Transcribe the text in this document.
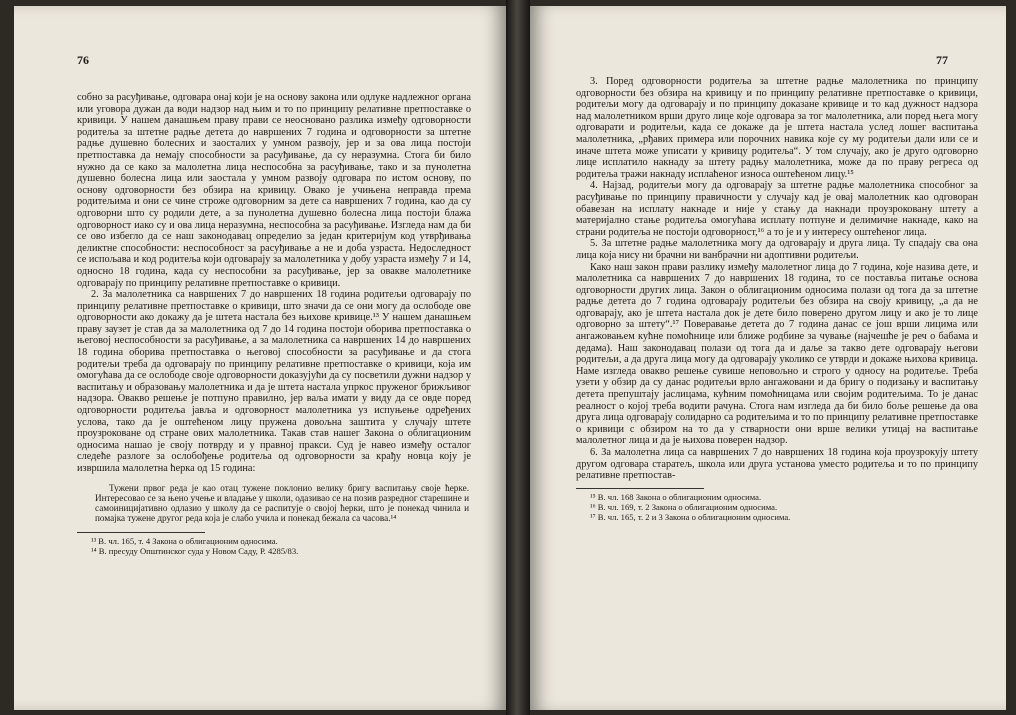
76

собно за расуђивање, одговара онај који је на основу закона или одлуке надлежног органа или уговора дужан да води надзор над њим и то по принципу релативне претпоставке о кривици. У нашем данашњем праву прави се неосновано разлика између одговорности родитеља за штетне радње детета до навршених 7 година и одговорности за штетне радње душевно болесних и заосталих у умном развоју, јер и за ова лица постоји претпоставка да немају способности за расуђивање, да су неразумна. Стога би било нужно да се како за малолетна лица неспособна за расуђивање, тако и за пунолетна душевно болесна лица или заостала у умном развоју одговара по истом основу, по основу одговорности без обзира на кривицу. Овако је учињена неправда према родитељима и они се чине строже одговорним за дете са навршених 7 година, као да су одговорни што су родили дете, а за пунолетна душевно болесна лица постоји блажа одговорност иако су и ова лица неразумна, неспособна за расуђивање. Изгледа нам да би се ово избегло да се наш законодавац определио за један критеријум код утврђивања деликтне способности: неспособност за расуђивање а не и доба узраста. Недоследност се испољава и код родитеља који одговарају за малолетника у добу узраста између 7 и 14, односно 18 година, када су неспособни за расуђивање, јер за овакве малолетнике одговарају по принципу релативне претпоставке о кривици.

2. За малолетника са навршених 7 до навршених 18 година родитељи одговарају по принципу релативне претпоставке о кривици, што значи да се они могу да ослободе ове одговорности ако докажу да је штета настала без њихове кривице.¹³ У нашем данашњем праву заузет је став да за малолетника од 7 до 14 година постоји оборива претпоставка о његовој неспособности за расуђивање, а за малолетника са навршених 14 до навршених 18 година оборива претпоставка о његовој способности за расуђивање и да стога родитељи треба да одговарају по принципу релативне претпоставке о кривици, која им омогућава да се ослободе своје одговорности доказујући да су посветили дужни надзор у васпитању и образовању малолетника и да је штета настала упркос пруженог брижљивог надзора. Овакво решење је потпуно правилно, јер ваља имати у виду да се овде поред одговорности родитеља јавља и одговорност малолетника уз испуњење одређених услова, тако да је оштећеном лицу пружена довољна заштита у случају штете проузроковане од стране ових малолетника. Такав став нашег Закона о облигационим односима нашао је своју потврду и у правној пракси. Суд је навео између осталог следеће разлоге за ослобођење родитеља од одговорности за крађу новца коју је извршила малолетна ћерка од 15 година:

Тужени првог реда је као отац тужене поклонио велику бригу васпитању своје ћерке. Интересовао се за њено учење и владање у школи, одазивао се на позив разредног старешине и самоиницијативно одлазио у школу да се распитује о својој ћерки, што је понекад чинила и помајка тужене другог реда која је слабо учила и понекад бежала са часова.¹⁴

¹³ В. чл. 165, т. 4 Закона о облигационим односима.

¹⁴ В. пресуду Општинског суда у Новом Саду, Р. 4285/83.

77

3. Поред одговорности родитеља за штетне радње малолетника по принципу одговорности без обзира на кривицу и по принципу релативне претпоставке о кривици, родитељи могу да одговарају и по принципу доказане кривице и то кад дужност надзора над малолетником врши друго лице које одговара за тог малолетника, али поред њега могу одговарати и родитељи, када се докаже да је штета настала услед лошег васпитања малолетника, „рђавих примера или порочних навика које су му родитељи дали или се и иначе штета може уписати у кривицу родитеља“. У том случају, ако је друго одговорно лице исплатило накнаду за штету радњу малолетника, може да по праву регреса од родитеља тражи накнаду исплаћеног износа оштећеном лицу.¹⁵

4. Најзад, родитељи могу да одговарају за штетне радње малолетника способног за расуђивање по принципу правичности у случају кад је овај малолетник као одговоран обавезан на исплату накнаде и није у стању да накнади проузроковану штету а материјално стање родитеља омогућава исплату потпуне и делимичне накнаде, како на страни родитеља не постоји одговорност,¹⁶ а то је и у интересу оштећеног лица.

5. За штетне радње малолетника могу да одговарају и друга лица. Ту спадају сва она лица која нису ни брачни ни ванбрачни ни адоптивни родитељи.

Како наш закон прави разлику између малолетног лица до 7 година, које назива дете, и малолетника са навршених 7 до навршених 18 година, то се поставља питање основа одговорности других лица. Закон о облигационим односима полази од тога да за штетне радње детета до 7 година одговарају родитељи без обзира на своју кривицу, „а да не одговарају, ако је штета настала док је дете било поверено другом лицу и ако је то лице одговорно за штету“.¹⁷ Поверавање детета до 7 година данас се још врши лицима или ангажовањем кућне помоћнице или ближе родбине за чување (најчешће је реч о бабама и дедама). Наш законодавац полази од тога да и даље за такво дете одговарају његови родитељи, а да друга лица могу да одговарају уколико се утврди и докаже њихова кривица. Наме изгледа овакво решење сувише неповољно и строго у односу на родитеље. Треба узети у обзир да су данас родитељи врло ангажовани и да бригу о подизању и васпитању детета препуштају јаслицама, кућним помоћницама или својим родитељима. То је данас реалност о којој треба водити рачуна. Стога нам изгледа да би било боље решење да ова друга лица одговарају солидарно са родитељима и то по принципу релативне претпоставке о кривици с обзиром на то да у стварности они врше велики утицај на васпитање малолетног лица и да је њихова поверен надзор.

6. За малолетна лица са навршених 7 до навршених 18 година која проузрокују штету другом одговара старатељ, школа или друга установа уместо родитеља и то по принципу релативне претпостав-

¹⁵ В. чл. 168 Закона о облигационим односима.

¹⁶ В. чл. 169, т. 2 Закона о облигационим односима.

¹⁷ В. чл. 165, т. 2 и 3 Закона о облигационим односима.
